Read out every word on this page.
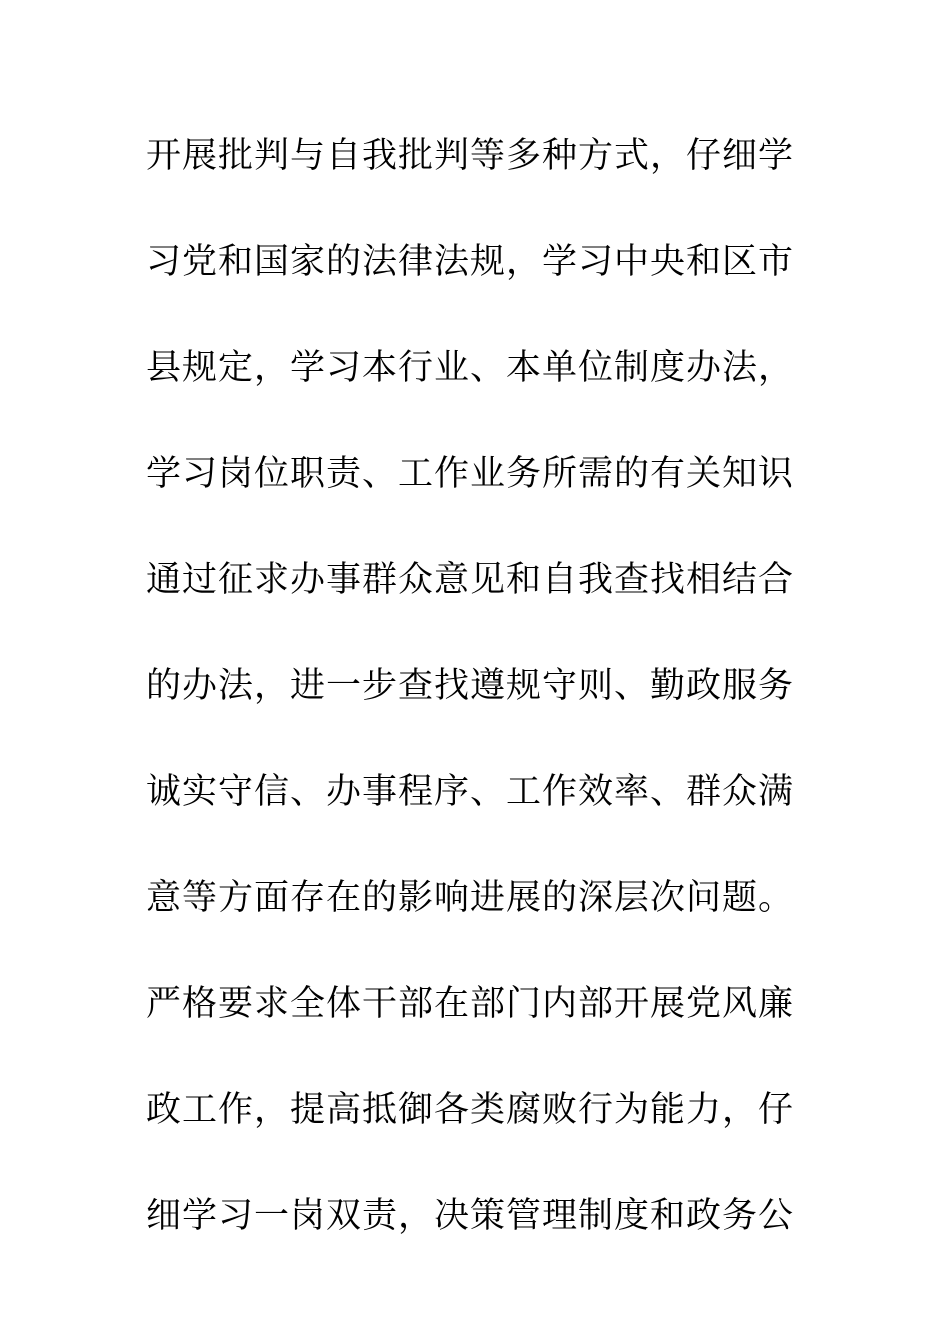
开展批判与自我批判等多种方式，仔细学
习党和国家的法律法规，学习中央和区市
县规定，学习本行业、本单位制度办法，
学习岗位职责、工作业务所需的有关知识
通过征求办事群众意见和自我查找相结合
的办法，进一步查找遵规守则、勤政服务
诚实守信、办事程序、工作效率、群众满
意等方面存在的影响进展的深层次问题。
严格要求全体干部在部门内部开展党风廉
政工作，提高抵御各类腐败行为能力，仔
细学习一岗双责，决策管理制度和政务公
